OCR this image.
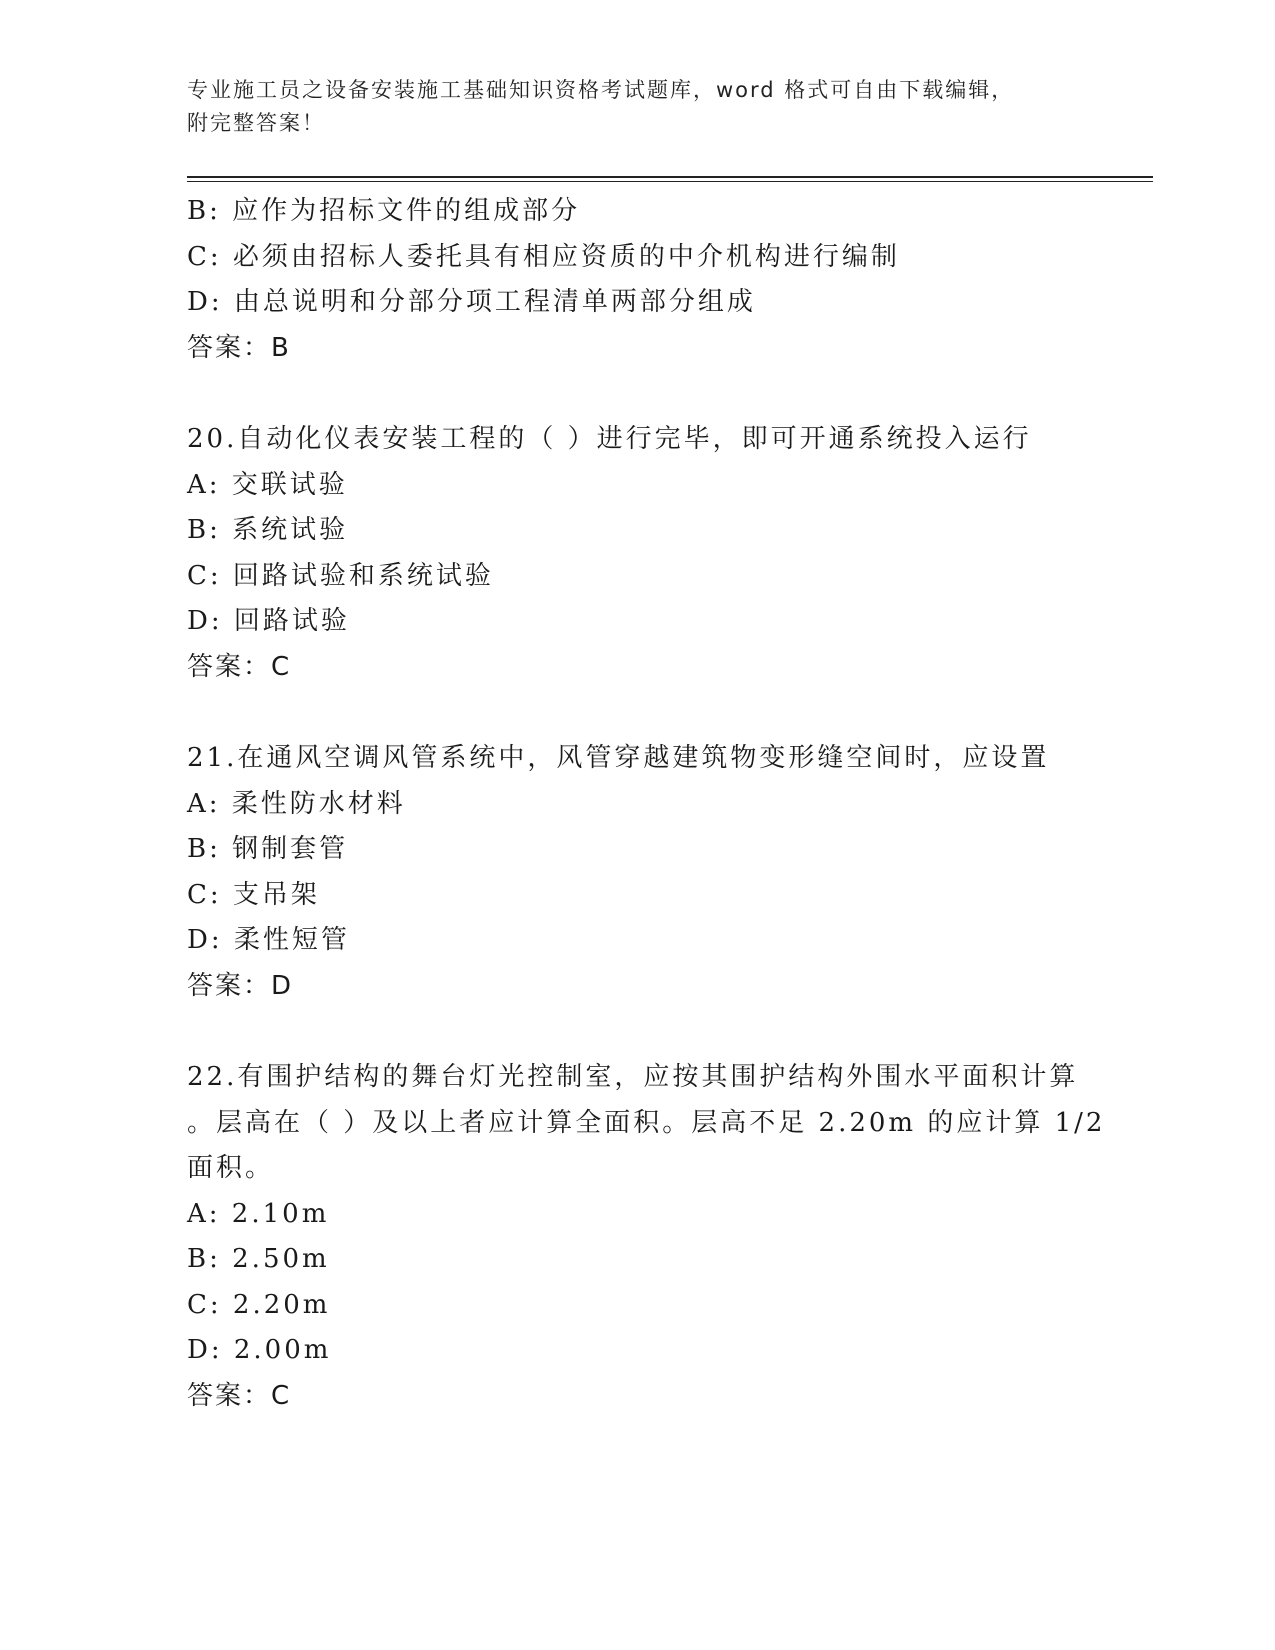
专业施工员之设备安装施工基础知识资格考试题库，word 格式可自由下载编辑，
附完整答案！
B: 应作为招标文件的组成部分
C: 必须由招标人委托具有相应资质的中介机构进行编制
D: 由总说明和分部分项工程清单两部分组成
答案：B
20.自动化仪表安装工程的（ ）进行完毕，即可开通系统投入运行
A: 交联试验
B: 系统试验
C: 回路试验和系统试验
D: 回路试验
答案：C
21.在通风空调风管系统中，风管穿越建筑物变形缝空间时，应设置
A: 柔性防水材料
B: 钢制套管
C: 支吊架
D: 柔性短管
答案：D
22.有围护结构的舞台灯光控制室，应按其围护结构外围水平面积计算
。层高在（ ）及以上者应计算全面积。层高不足 2.20m 的应计算 1/2
面积。
A: 2.10m
B: 2.50m
C: 2.20m
D: 2.00m
答案：C
